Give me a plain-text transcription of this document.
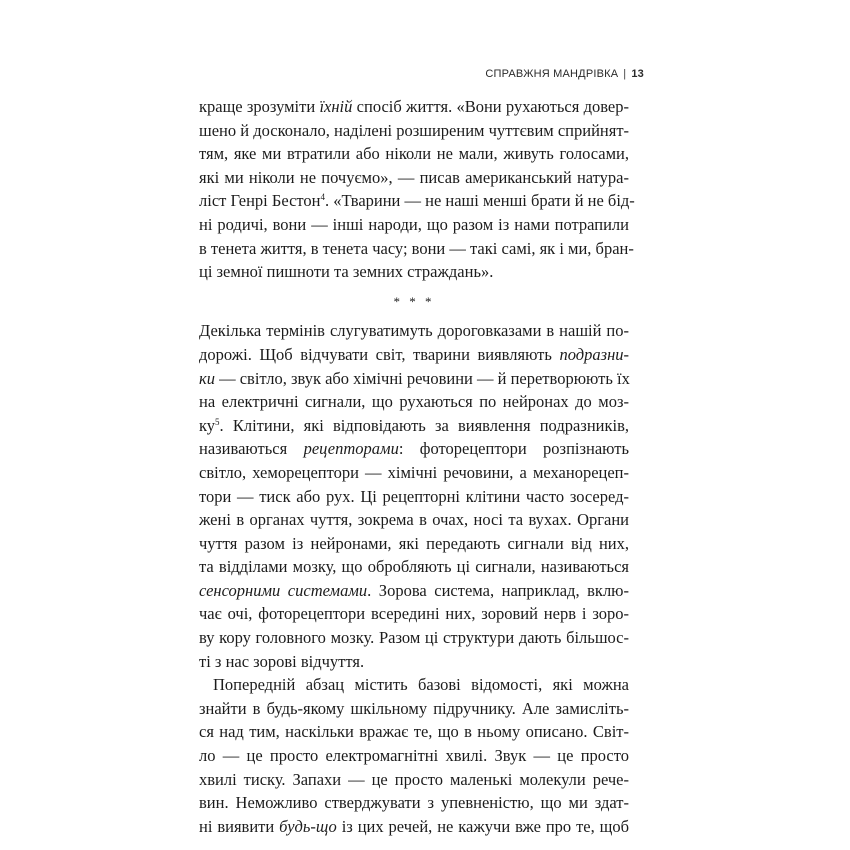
СПРАВЖНЯ МАНДРІВКА | 13
краще зрозуміти їхній спосіб життя. «Вони рухаються довер-
шено й досконало, наділені розширеним чуттєвим сприйнят-
тям, яке ми втратили або ніколи не мали, живуть голосами,
які ми ніколи не почуємо», — писав американський натура-
ліст Генрі Бестон$^4$. «Тварини — не наші менші брати й не бід-
ні родичі, вони — інші народи, що разом із нами потрапили
в тенета життя, в тенета часу; вони — такі самі, як і ми, бран-
ці земної пишноти та земних страждань».
* * *
Декілька термінів слугуватимуть дороговказами в нашій по-
дорожі. Щоб відчувати світ, тварини виявляють подразни-
ки — світло, звук або хімічні речовини — й перетворюють їх
на електричні сигнали, що рухаються по нейронах до моз-
$ку^5$. Клітини, які відповідають за виявлення подразників,
називаються рецепторами: фоторецептори розпізнають
світло, хеморецептори — хімічні речовини, а механорецеп-
тори — тиск або рух. Ці рецепторні клітини часто зосеред-
жені в органах чуття, зокрема в очах, носі та вухах. Органи
чуття разом із нейронами, які передають сигнали від них,
та відділами мозку, що обробляють ці сигнали, називаються
сенсорними системами. Зорова система, наприклад, вклю-
чає очі, фоторецептори всередині них, зоровий нерв і зоро-
ву кору головного мозку. Разом ці структури дають більшос-
ті з нас зорові відчуття.
Попередній абзац містить базові відомості, які можна
знайти в будь-якому шкільному підручнику. Але замисліть-
ся над тим, наскільки вражає те, що в ньому описано. Світ-
ло — це просто електромагнітні хвилі. Звук — це просто
хвилі тиску. Запахи — це просто маленькі молекули рече-
вин. Неможливо стверджувати з упевненістю, що ми здат-
ні виявити будь-що із цих речей, не кажучи вже про те, щоб
